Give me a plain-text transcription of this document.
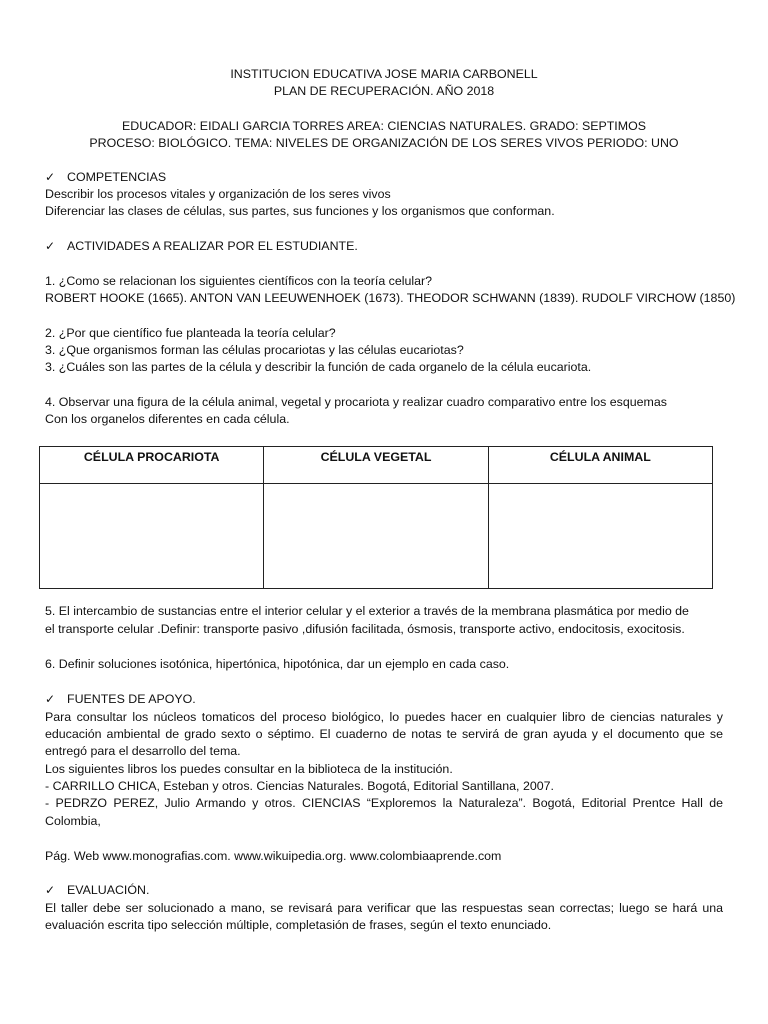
INSTITUCION EDUCATIVA JOSE MARIA CARBONELL
PLAN DE RECUPERACIÓN. AÑO 2018
EDUCADOR: EIDALI GARCIA TORRES AREA: CIENCIAS NATURALES. GRADO: SEPTIMOS
PROCESO: BIOLÓGICO. TEMA: NIVELES DE ORGANIZACIÓN DE LOS SERES VIVOS PERIODO: UNO
✓ COMPETENCIAS
Describir los procesos vitales y organización de los seres vivos
Diferenciar las clases de células, sus partes, sus funciones y los organismos que conforman.
✓ ACTIVIDADES A REALIZAR POR EL ESTUDIANTE.
1. ¿Como se relacionan los siguientes científicos con la teoría celular?
ROBERT HOOKE (1665). ANTON VAN LEEUWENHOEK (1673). THEODOR SCHWANN (1839). RUDOLF VIRCHOW (1850)
2. ¿Por que científico fue planteada la teoría celular?
3. ¿Que organismos forman las células procariotas y las células eucariotas?
3. ¿Cuáles son las partes de la célula y describir la función de cada organelo de la célula eucariota.
4. Observar una figura de la célula animal, vegetal y procariota y realizar cuadro comparativo entre los esquemas
Con los organelos diferentes en cada célula.
CÉLULA PROCARIOTA	CÉLULA VEGETAL	CÉLULA ANIMAL

5. El intercambio de sustancias entre el interior celular y el exterior a través de la membrana plasmática por medio de
el transporte celular .Definir: transporte pasivo ,difusión facilitada, ósmosis, transporte activo, endocitosis, exocitosis.
6. Definir soluciones isotónica, hipertónica, hipotónica, dar un ejemplo en cada caso.
✓ FUENTES DE APOYO.
Para consultar los núcleos tomaticos del proceso biológico, lo puedes hacer en cualquier libro de ciencias naturales y
educación ambiental de grado sexto o séptimo. El cuaderno de notas te servirá de gran ayuda y el documento que se
entregó para el desarrollo del tema.
Los siguientes libros los puedes consultar en la biblioteca de la institución.
- CARRILLO CHICA, Esteban y otros. Ciencias Naturales. Bogotá, Editorial Santillana, 2007.
- PEDRZO PEREZ, Julio Armando y otros. CIENCIAS “Exploremos la Naturaleza”. Bogotá, Editorial Prentce Hall de
Colombia,
Pág. Web www.monografias.com. www.wikuipedia.org. www.colombiaaprende.com
✓ EVALUACIÓN.
El taller debe ser solucionado a mano, se revisará para verificar que las respuestas sean correctas; luego se hará una
evaluación escrita tipo selección múltiple, completasión de frases, según el texto enunciado.
